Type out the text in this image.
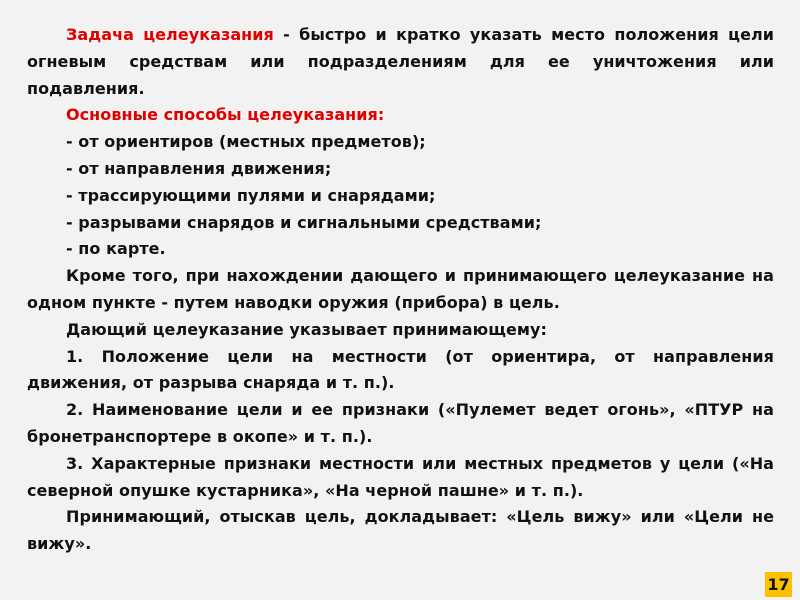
Задача целеуказания - быстро и кратко указать место положения цели огневым средствам или подразделениям для ее уничтожения или подавления.

Основные способы целеуказания:

- от ориентиров (местных предметов);

- от направления движения;

- трассирующими пулями и снарядами;

- разрывами снарядов и сигнальными средствами;

- по карте.

Кроме того, при нахождении дающего и принимающего целеуказание на одном пункте - путем наводки оружия (прибора) в цель.

Дающий целеуказание указывает принимающему:

1. Положение цели на местности (от ориентира, от направления движения, от разрыва снаряда и т. п.).

2. Наименование цели и ее признаки («Пулемет ведет огонь», «ПТУР на бронетранспортере в окопе» и т. п.).

3. Характерные признаки местности или местных предметов у цели («На северной опушке кустарника», «На черной пашне» и т. п.).

Принимающий, отыскав цель, докладывает: «Цель вижу» или «Цели не вижу».

17
